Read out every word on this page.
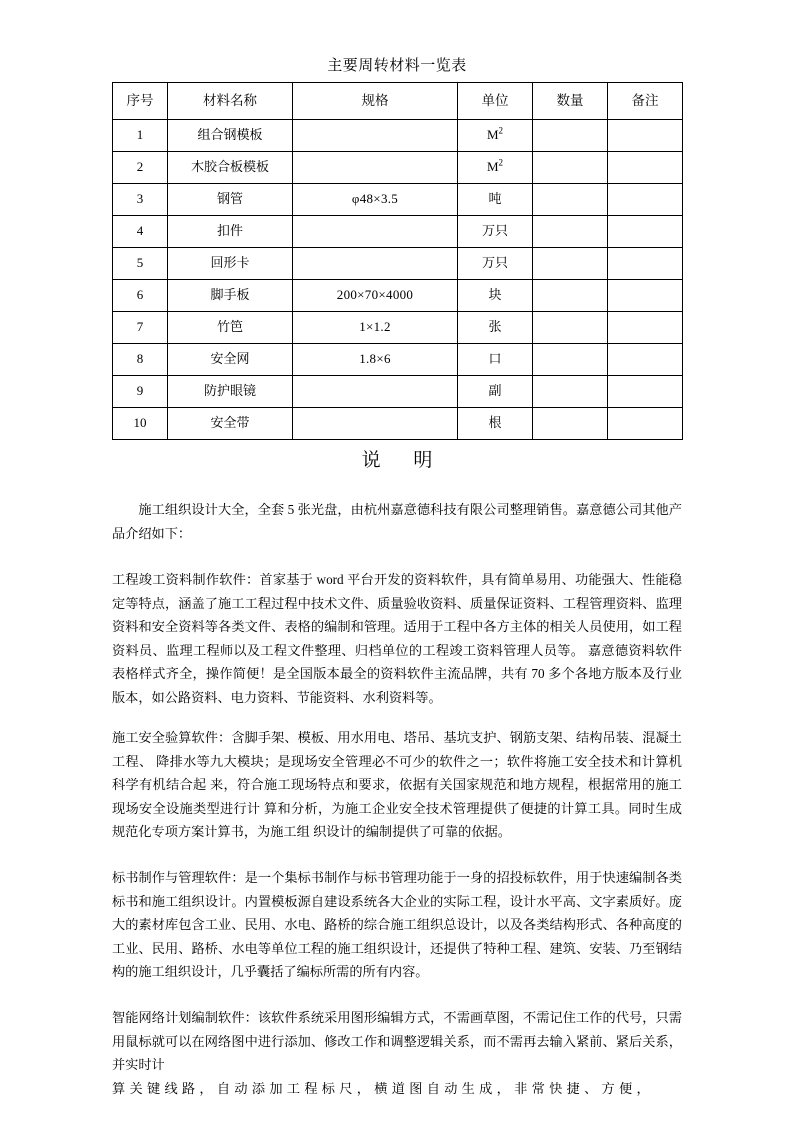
主要周转材料一览表
序号	材料名称	规格	单位	数量	备注
1	组合钢模板		$M^2$		
2	木胶合板模板		$M^2$		
3	钢管	φ48×3.5	吨		
4	扣件		万只		
5	回形卡		万只		
6	脚手板	200×70×4000	块		
7	竹笆	1×1.2	张		
8	安全网	1.8×6	口		
9	防护眼镜		副		
10	安全带		根		
说 明

施工组织设计大全，全套 5 张光盘，由杭州嘉意德科技有限公司整理销售。嘉意德公司其他产品介绍如下：

工程竣工资料制作软件：首家基于 word 平台开发的资料软件，具有简单易用、功能强大、性能稳定等特点，涵盖了施工工程过程中技术文件、质量验收资料、质量保证资料、工程管理资料、监理资料和安全资料等各类文件、表格的编制和管理。适用于工程中各方主体的相关人员使用，如工程资料员、监理工程师以及工程文件整理、归档单位的工程竣工资料管理人员等。 嘉意德资料软件表格样式齐全，操作简便！是全国版本最全的资料软件主流品牌，共有 70 多个各地方版本及行业版本，如公路资料、电力资料、节能资料、水利资料等。

施工安全验算软件：含脚手架、模板、用水用电、塔吊、基坑支护、钢筋支架、结构吊装、混凝土工程、 降排水等九大模块；是现场安全管理必不可少的软件之一；软件将施工安全技术和计算机科学有机结合起 来，符合施工现场特点和要求，依据有关国家规范和地方规程，根据常用的施工现场安全设施类型进行计 算和分析，为施工企业安全技术管理提供了便捷的计算工具。同时生成规范化专项方案计算书，为施工组 织设计的编制提供了可靠的依据。

标书制作与管理软件：是一个集标书制作与标书管理功能于一身的招投标软件，用于快速编制各类标书和施工组织设计。内置模板源自建设系统各大企业的实际工程，设计水平高、文字素质好。庞大的素材库包含工业、民用、水电、路桥的综合施工组织总设计，以及各类结构形式、各种高度的工业、民用、路桥、水电等单位工程的施工组织设计，还提供了特种工程、建筑、安装、乃至钢结构的施工组织设计，几乎囊括了编标所需的所有内容。

智能网络计划编制软件：该软件系统采用图形编辑方式，不需画草图，不需记住工作的代号，只需用鼠标就可以在网络图中进行添加、修改工作和调整逻辑关系，而不需再去输入紧前、紧后关系，并实时计

算 关 键 线 路 ， 自 动 添 加 工 程 标 尺 ， 横 道 图 自 动 生 成 ， 非 常 快 捷 、 方 便 ，
